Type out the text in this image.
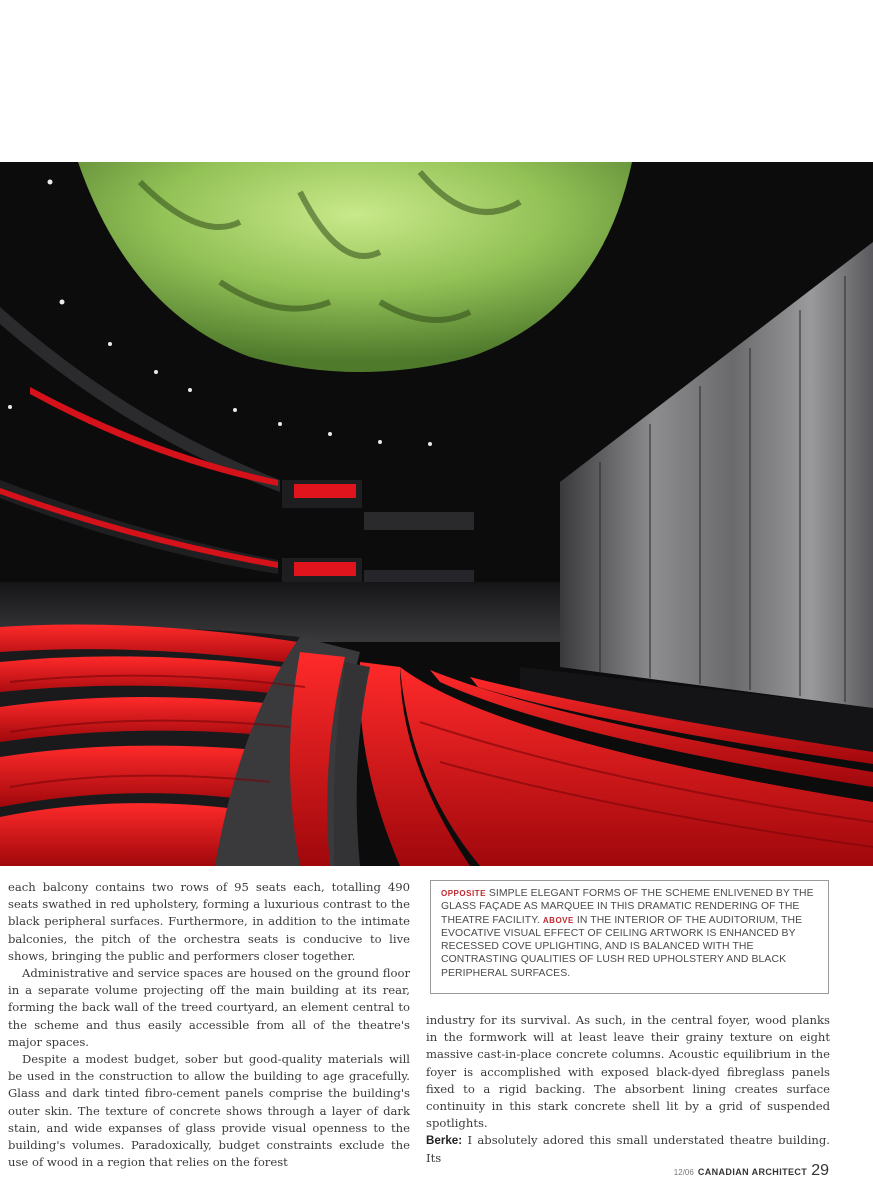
each balcony contains two rows of 95 seats each, totalling 490 seats swathed in red upholstery, forming a luxurious contrast to the black peripheral surfaces. Furthermore, in addition to the intimate balconies, the pitch of the orchestra seats is conducive to live shows, bringing the public and performers closer together.

Administrative and service spaces are housed on the ground floor in a separate volume projecting off the main building at its rear, forming the back wall of the treed courtyard, an element central to the scheme and thus easily accessible from all of the theatre's major spaces.

Despite a modest budget, sober but good-quality materials will be used in the construction to allow the building to age gracefully. Glass and dark tinted fibro-cement panels comprise the building's outer skin. The texture of concrete shows through a layer of dark stain, and wide expanses of glass provide visual openness to the building's volumes. Paradoxically, budget constraints exclude the use of wood in a region that relies on the forest

OPPOSITE SIMPLE ELEGANT FORMS OF THE SCHEME ENLIVENED BY THE GLASS FAÇADE AS MARQUEE IN THIS DRAMATIC RENDERING OF THE THEATRE FACILITY. ABOVE IN THE INTERIOR OF THE AUDITORIUM, THE EVOCATIVE VISUAL EFFECT OF CEILING ARTWORK IS ENHANCED BY RECESSED COVE UPLIGHTING, AND IS BALANCED WITH THE CONTRASTING QUALITIES OF LUSH RED UPHOLSTERY AND BLACK PERIPHERAL SURFACES.

industry for its survival. As such, in the central foyer, wood planks in the formwork will at least leave their grainy texture on eight massive cast-in-place concrete columns. Acoustic equilibrium in the foyer is accomplished with exposed black-dyed fibreglass panels fixed to a rigid backing. The absorbent lining creates surface continuity in this stark concrete shell lit by a grid of suspended spotlights.

Berke: I absolutely adored this small understated theatre building. Its

12/06 CANADIAN ARCHITECT 29
